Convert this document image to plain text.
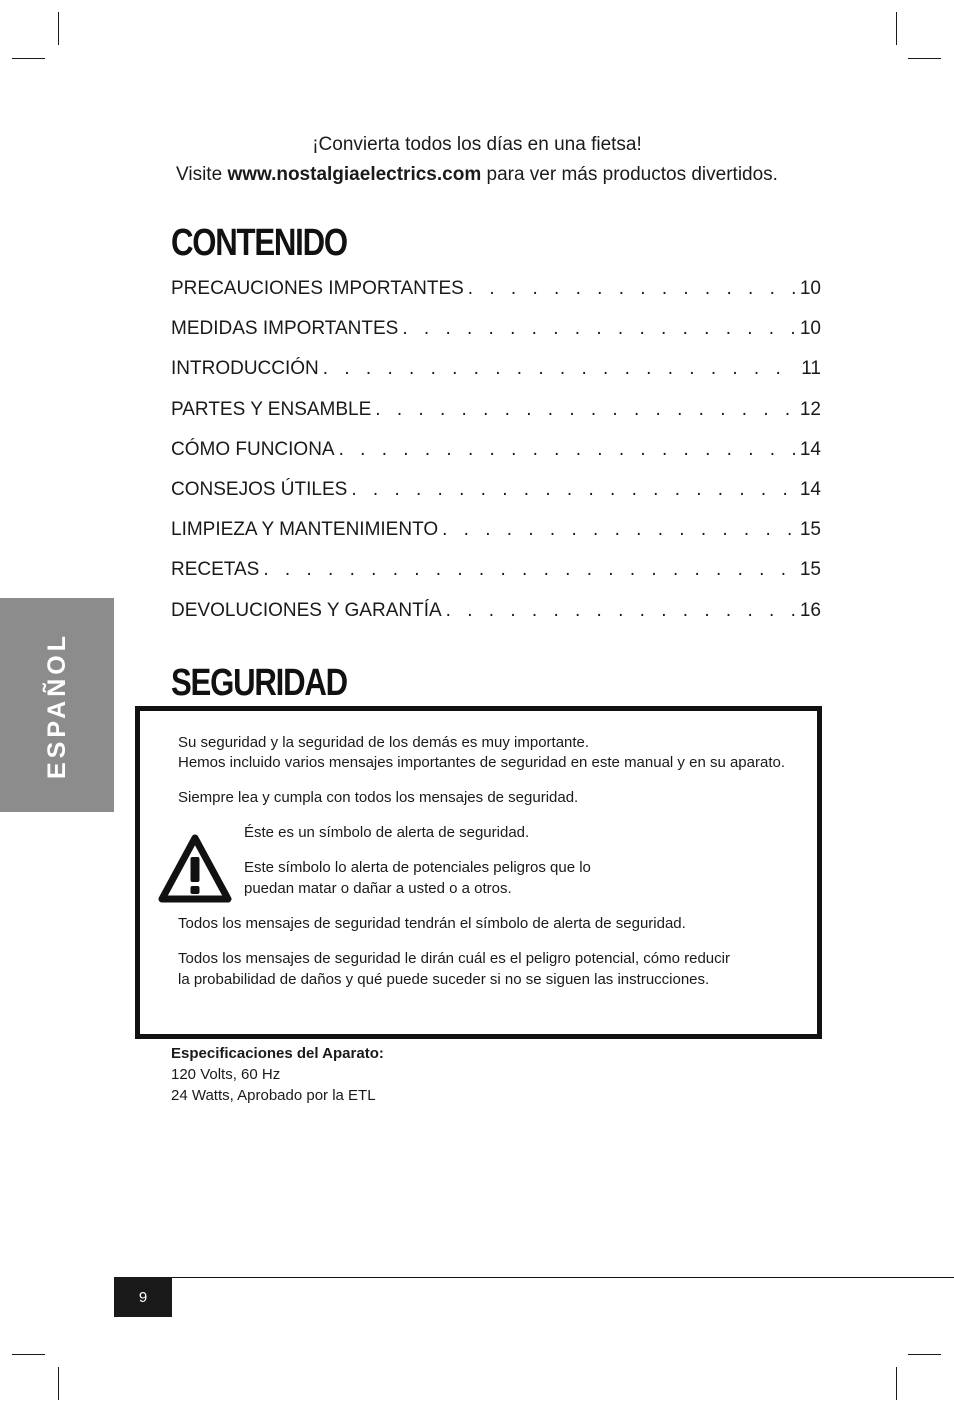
¡Convierta todos los días en una fietsa!
Visite www.nostalgiaelectrics.com para ver más productos divertidos.
CONTENIDO
PRECAUCIONES IMPORTANTES . . .	10
MEDIDAS IMPORTANTES . . .	10
INTRODUCCIÓN . . .	11
PARTES Y ENSAMBLE . . .	12
CÓMO FUNCIONA . . .	14
CONSEJOS ÚTILES . . .	14
LIMPIEZA Y MANTENIMIENTO . . .	15
RECETAS . . .	15
DEVOLUCIONES Y GARANTÍA . . .	16
ESPAÑOL	SEGURIDAD
Su seguridad y la seguridad de los demás es muy importante.
Hemos incluido varios mensajes importantes de seguridad en este manual y en su aparato.
Siempre lea y cumpla con todos los mensajes de seguridad.
Éste es un símbolo de alerta de seguridad.
Este símbolo lo alerta de potenciales peligros que lo
puedan matar o dañar a usted o a otros.
Todos los mensajes de seguridad tendrán el símbolo de alerta de seguridad.
Todos los mensajes de seguridad le dirán cuál es el peligro potencial, cómo reducir
la probabilidad de daños y qué puede suceder si no se siguen las instrucciones.
Especificaciones del Aparato:
120 Volts, 60 Hz
24 Watts, Aprobado por la ETL
9
